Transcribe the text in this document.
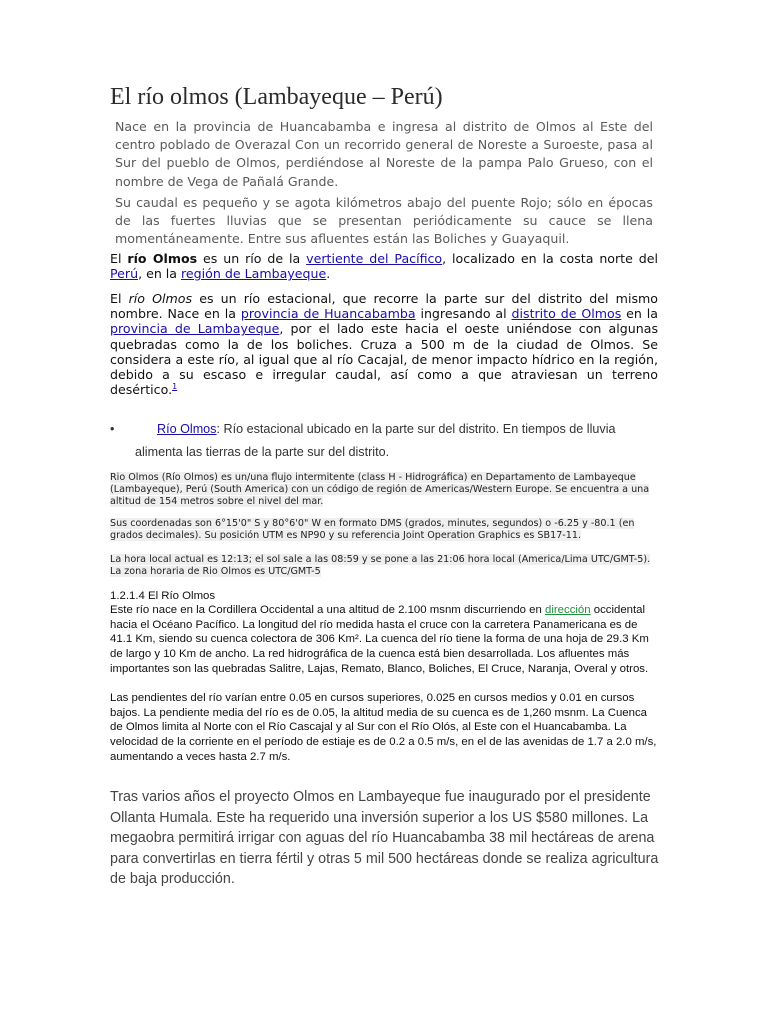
El río olmos (Lambayeque – Perú)

Nace en la provincia de Huancabamba e ingresa al distrito de Olmos al Este del centro poblado de Overazal Con un recorrido general de Noreste a Suroeste, pasa al Sur del pueblo de Olmos, perdiéndose al Noreste de la pampa Palo Grueso, con el nombre de Vega de Pañalá Grande.

Su caudal es pequeño y se agota kilómetros abajo del puente Rojo; sólo en épocas de las fuertes lluvias que se presentan periódicamente su cauce se llena momentáneamente. Entre sus afluentes están las Boliches y Guayaquil.

El río Olmos es un río de la vertiente del Pacífico, localizado en la costa norte del Perú, en la región de Lambayeque.

El río Olmos es un río estacional, que recorre la parte sur del distrito del mismo nombre. Nace en la provincia de Huancabamba ingresando al distrito de Olmos en la provincia de Lambayeque, por el lado este hacia el oeste uniéndose con algunas quebradas como la de los boliches. Cruza a 500 m de la ciudad de Olmos. Se considera a este río, al igual que al río Cacajal, de menor impacto hídrico en la región, debido a su escaso e irregular caudal, así como a que atraviesan un terreno desértico.$^1$

•	Río Olmos: Río estacional ubicado en la parte sur del distrito. En tiempos de lluvia alimenta las tierras de la parte sur del distrito.

Rio Olmos (Río Olmos) es un/una flujo intermitente (class H - Hidrográfica) en Departamento de Lambayeque (Lambayeque), Perú (South America) con un código de región de Americas/Western Europe. Se encuentra a una altitud de 154 metros sobre el nivel del mar.

Sus coordenadas son 6°15'0" S y 80°6'0" W en formato DMS (grados, minutes, segundos) o -6.25 y -80.1 (en grados decimales). Su posición UTM es NP90 y su referencia Joint Operation Graphics es SB17-11.

La hora local actual es 12:13; el sol sale a las 08:59 y se pone a las 21:06 hora local (America/Lima UTC/GMT-5). La zona horaria de Rio Olmos es UTC/GMT-5

1.2.1.4 El Río Olmos

Este río nace en la Cordillera Occidental a una altitud de 2.100 msnm discurriendo en dirección occidental hacia el Océano Pacífico. La longitud del río medida hasta el cruce con la carretera Panamericana es de 41.1 Km, siendo su cuenca colectora de 306 Km². La cuenca del río tiene la forma de una hoja de 29.3 Km de largo y 10 Km de ancho. La red hidrográfica de la cuenca está bien desarrollada. Los afluentes más importantes son las quebradas Salitre, Lajas, Remato, Blanco, Boliches, El Cruce, Naranja, Overal y otros.

Las pendientes del río varían entre 0.05 en cursos superiores, 0.025 en cursos medios y 0.01 en cursos bajos. La pendiente media del río es de 0.05, la altitud media de su cuenca es de 1,260 msnm. La Cuenca de Olmos limita al Norte con el Río Cascajal y al Sur con el Río Olós, al Este con el Huancabamba. La velocidad de la corriente en el período de estiaje es de 0.2 a 0.5 m/s, en el de las avenidas de 1.7 a 2.0 m/s, aumentando a veces hasta 2.7 m/s.

Tras varios años el proyecto Olmos en Lambayeque fue inaugurado por el presidente Ollanta Humala. Este ha requerido una inversión superior a los US $580 millones. La megaobra permitirá irrigar con aguas del río Huancabamba 38 mil hectáreas de arena para convertirlas en tierra fértil y otras 5 mil 500 hectáreas donde se realiza agricultura de baja producción.
